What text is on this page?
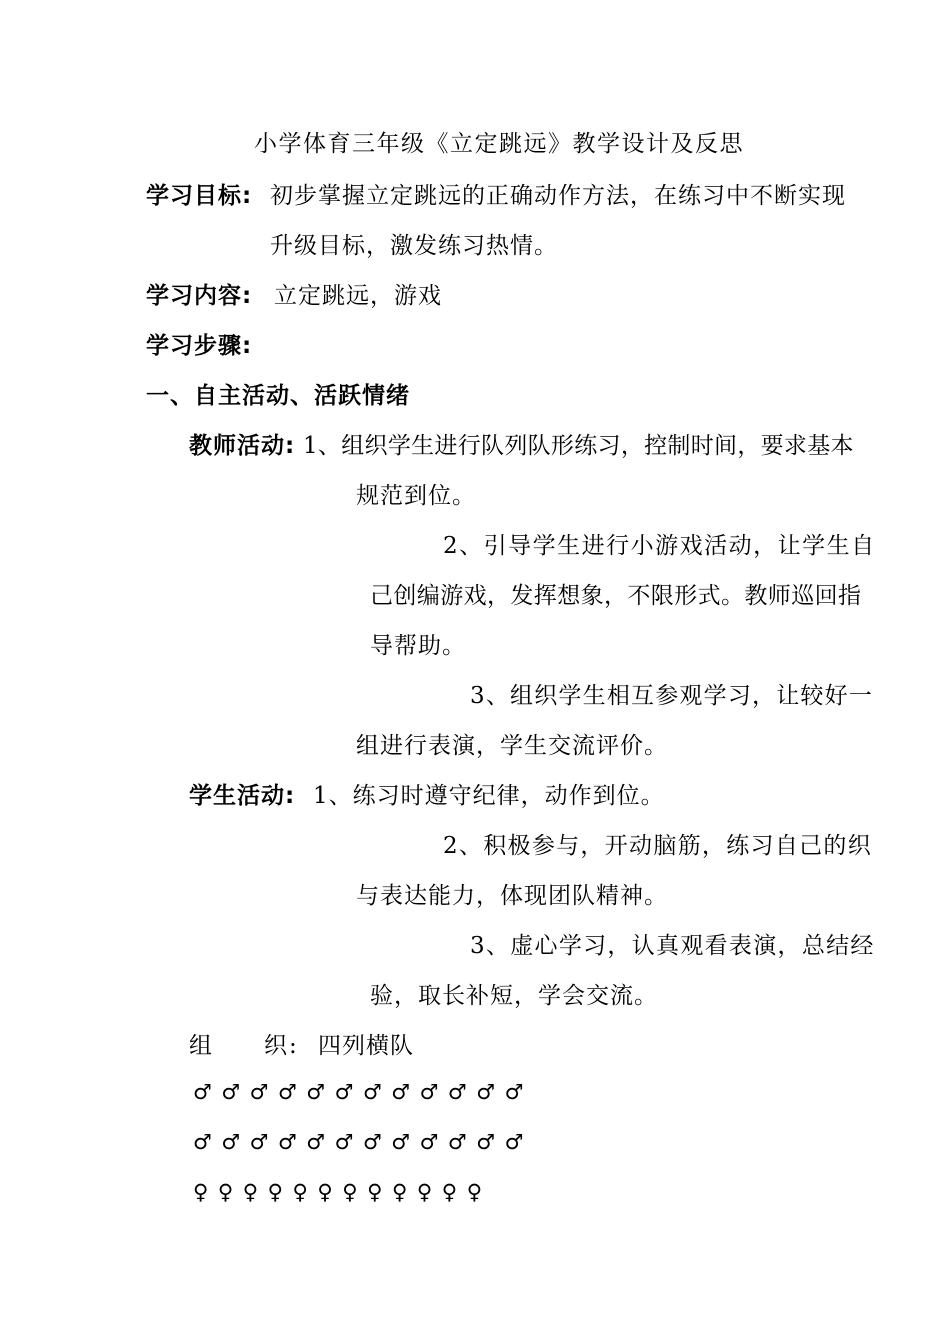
小学体育三年级《立定跳远》教学设计及反思
学习目标: 初步掌握立定跳远的正确动作方法，在练习中不断实现
升级目标，激发练习热情。
学习内容: 立定跳远，游戏
学习步骤:
一、自主活动、活跃情绪
教师活动: 1、组织学生进行队列队形练习，控制时间，要求基本
规范到位。
2、引导学生进行小游戏活动，让学生自
己创编游戏，发挥想象，不限形式。教师巡回指
导帮助。
3、组织学生相互参观学习，让较好一
组进行表演，学生交流评价。
学生活动: 1、练习时遵守纪律，动作到位。
2、积极参与，开动脑筋，练习自己的织
与表达能力，体现团队精神。
3、虚心学习，认真观看表演，总结经
验，取长补短，学会交流。
组　　织: 四列横队
♂♂♂♂♂♂♂♂♂♂♂♂
♂♂♂♂♂♂♂♂♂♂♂♂
♀♀♀♀♀♀♀♀♀♀♀♀
